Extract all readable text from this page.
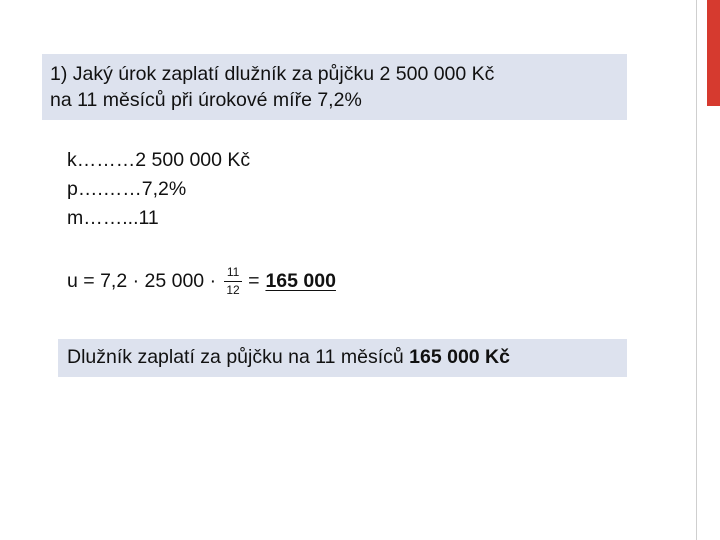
1) Jaký úrok zaplatí dlužník za půjčku 2 500 000 Kč
na 11 měsíců při úrokové míře 7,2%
k………2 500 000 Kč
p….……7,2%
m……...11
u = 7,2 · 25 $000 \cdot \frac{11}{12} = 165$ 000
Dlužník zaplatí za půjčku na 11 měsíců 165 000 Kč
